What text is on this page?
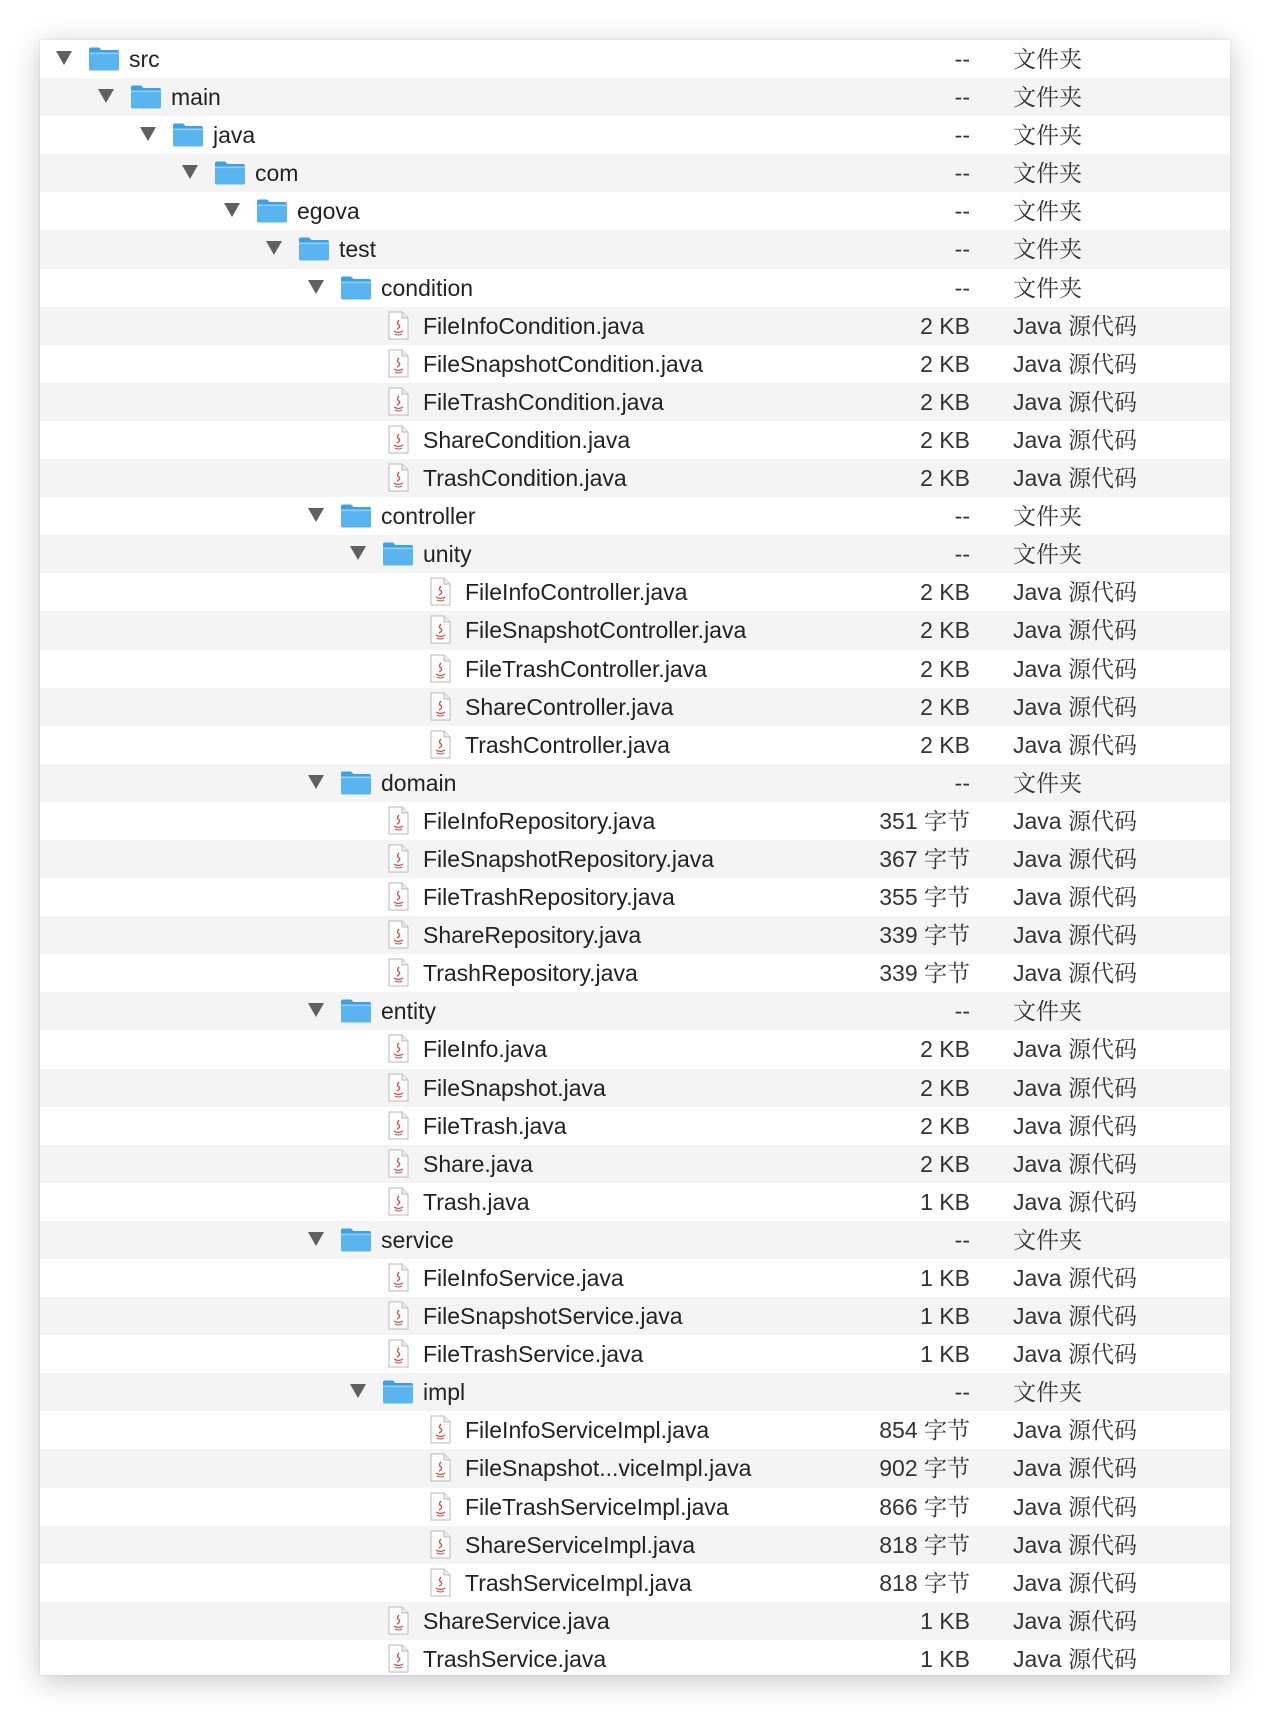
src	-- 文件夹
main	-- 文件夹
java	-- 文件夹
com	-- 文件夹
egova	-- 文件夹
test	-- 文件夹
condition	-- 文件夹
FileInfoCondition.java	2 KB Java 源代码
FileSnapshotCondition.java	2 KB Java 源代码
FileTrashCondition.java	2 KB Java 源代码
ShareCondition.java	2 KB Java 源代码
TrashCondition.java	2 KB Java 源代码
controller	-- 文件夹
unity	-- 文件夹
FileInfoController.java	2 KB Java 源代码
FileSnapshotController.java	2 KB Java 源代码
FileTrashController.java	2 KB Java 源代码
ShareController.java	2 KB Java 源代码
TrashController.java	2 KB Java 源代码
domain	-- 文件夹
FileInfoRepository.java	351 字节 Java 源代码
FileSnapshotRepository.java	367 字节 Java 源代码
FileTrashRepository.java	355 字节 Java 源代码
ShareRepository.java	339 字节 Java 源代码
TrashRepository.java	339 字节 Java 源代码
entity	-- 文件夹
FileInfo.java	2 KB Java 源代码
FileSnapshot.java	2 KB Java 源代码
FileTrash.java	2 KB Java 源代码
Share.java	2 KB Java 源代码
Trash.java	1 KB Java 源代码
service	-- 文件夹
FileInfoService.java	1 KB Java 源代码
FileSnapshotService.java	1 KB Java 源代码
FileTrashService.java	1 KB Java 源代码
impl	-- 文件夹
FileInfoServiceImpl.java	854 字节 Java 源代码
FileSnapshot...viceImpl.java	902 字节 Java 源代码
FileTrashServiceImpl.java	866 字节 Java 源代码
ShareServiceImpl.java	818 字节 Java 源代码
TrashServiceImpl.java	818 字节 Java 源代码
ShareService.java	1 KB Java 源代码
TrashService.java	1 KB Java 源代码
